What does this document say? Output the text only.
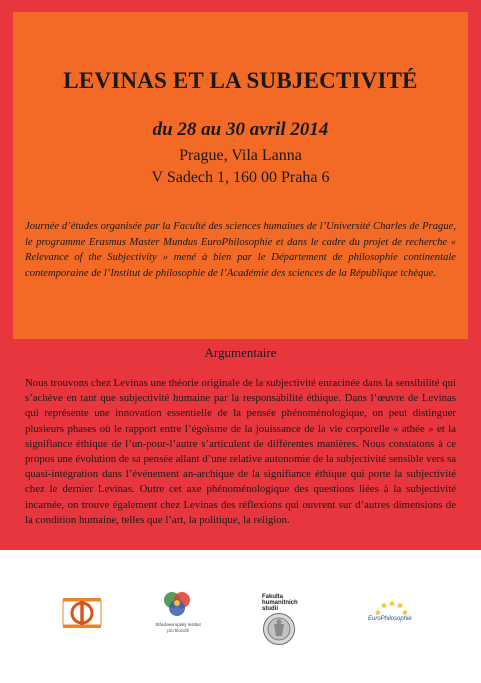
LEVINAS ET LA SUBJECTIVITÉ
du 28 au 30 avril 2014
Prague, Vila Lanna
V Sadech 1, 160 00 Praha 6
Journée d’études organisée par la Faculté des sciences humaines de l’Université Charles de Prague, le programme Erasmus Master Mundus EuroPhilosophie et dans le cadre du projet de recherche « Relevance of the Subjectivity » mené à bien par le Département de philosophie continentale contemporaine de l’Institut de philosophie de l’Académie des sciences de la République tchèque.
Argumentaire
Nous trouvons chez Levinas une théorie originale de la subjectivité enracinée dans la sensibilité qui s’achève en tant que subjectivité humaine par la responsabilité éthique. Dans l’œuvre de Levinas qui représente une innovation essentielle de la pensée phénoménologique, on peut distinguer plusieurs phases où le rapport entre l’égoïsme de la jouissance de la vie corporelle « athée » et la signifiance éthique de l’un-pour-l’autre s’articulent de différentes manières. Nous constatons à ce propos une évolution de sa pensée allant d’une relative autonomie de la subjectivité sensible vers sa quasi-intégration dans l’événement an-archique de la signifiance éthique qui porte la subjectivité chez le dernier Levinas. Outre cet axe phénoménologique des questions liées à la subjectivité incarnée, on trouve également chez Levinas des réflexions qui ouvrent sur d’autres dimensions de la condition humaine, telles que l’art, la politique, la religion.
Středoevropský institut
pro filozofii
Fakulta
humanitních
studií
EuroPhilosophie
